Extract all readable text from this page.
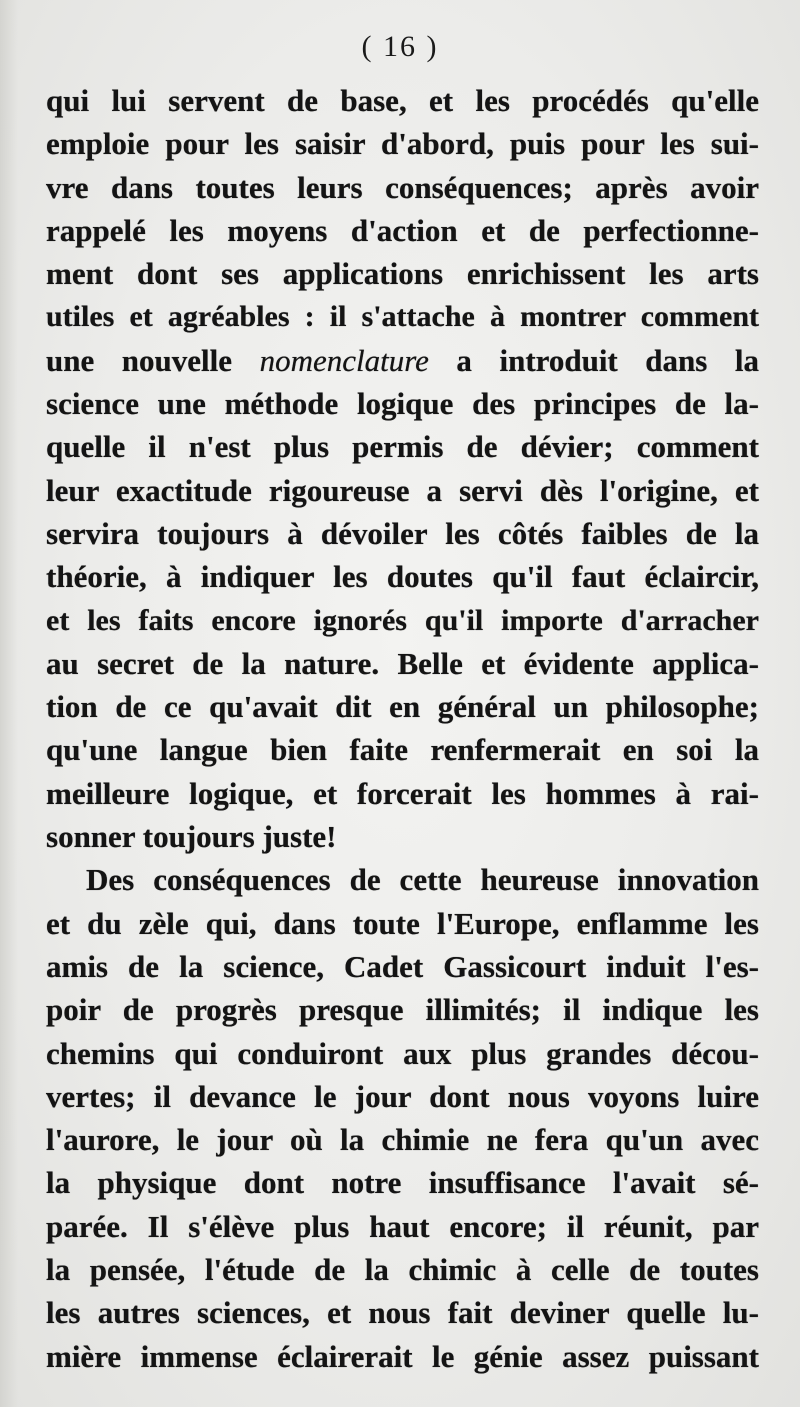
( 16 )
qui lui servent de base, et les procédés qu'elle
emploie pour les saisir d'abord, puis pour les sui-
vre dans toutes leurs conséquences; après avoir
rappelé les moyens d'action et de perfectionne-
ment dont ses applications enrichissent les arts
utiles et agréables : il s'attache à montrer comment
une nouvelle nomenclature a introduit dans la
science une méthode logique des principes de la-
quelle il n'est plus permis de dévier; comment
leur exactitude rigoureuse a servi dès l'origine, et
servira toujours à dévoiler les côtés faibles de la
théorie, à indiquer les doutes qu'il faut éclaircir,
et les faits encore ignorés qu'il importe d'arracher
au secret de la nature. Belle et évidente applica-
tion de ce qu'avait dit en général un philosophe;
qu'une langue bien faite renfermerait en soi la
meilleure logique, et forcerait les hommes à rai-
sonner toujours juste!
Des conséquences de cette heureuse innovation
et du zèle qui, dans toute l'Europe, enflamme les
amis de la science, Cadet Gassicourt induit l'es-
poir de progrès presque illimités; il indique les
chemins qui conduiront aux plus grandes décou-
vertes; il devance le jour dont nous voyons luire
l'aurore, le jour où la chimie ne fera qu'un avec
la physique dont notre insuffisance l'avait sé-
parée. Il s'élève plus haut encore; il réunit, par
la pensée, l'étude de la chimic à celle de toutes
les autres sciences, et nous fait deviner quelle lu-
mière immense éclairerait le génie assez puissant
